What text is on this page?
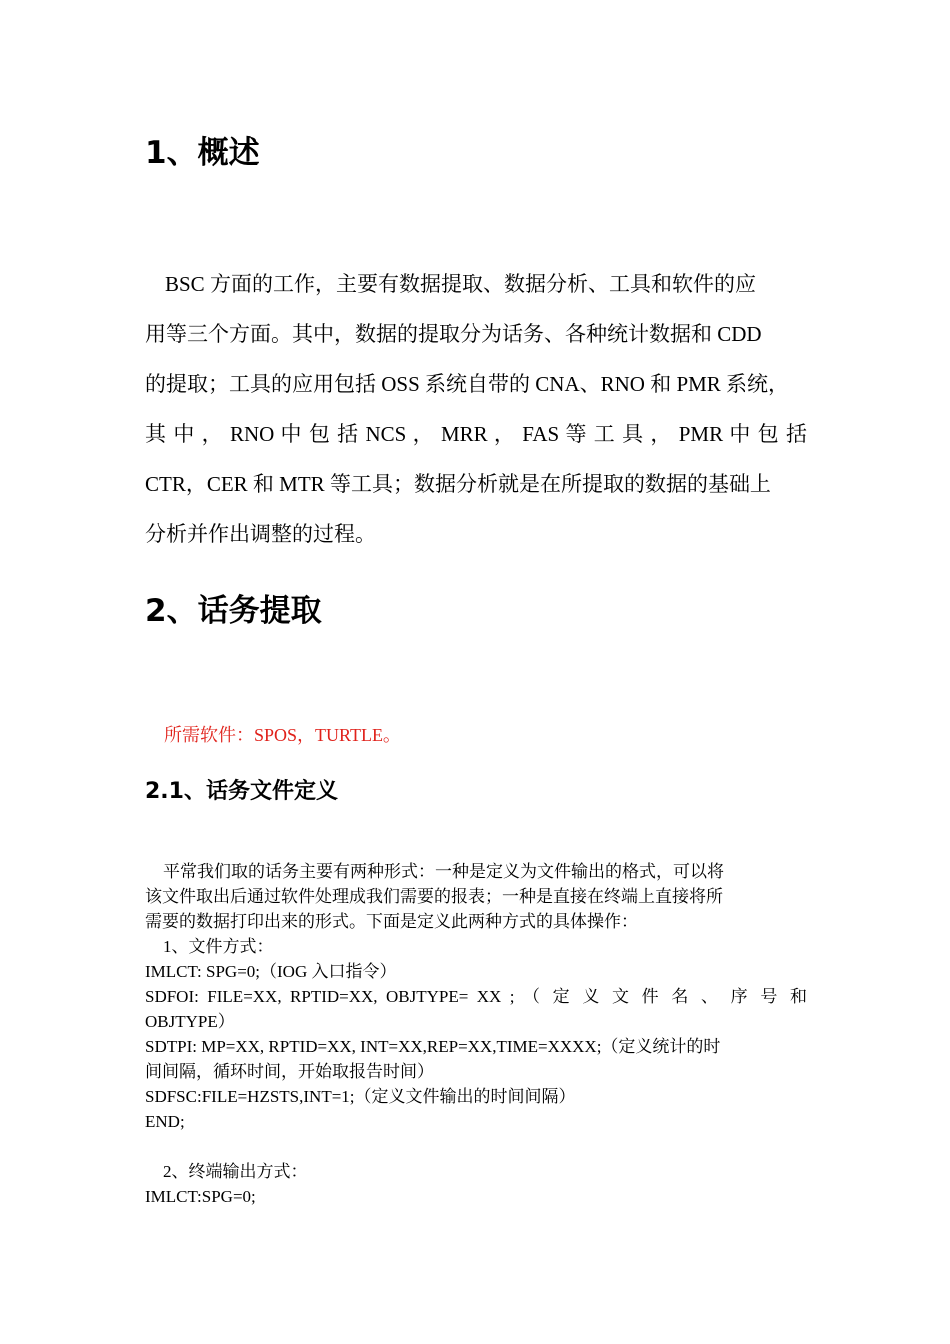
1、概述
BSC 方面的工作，主要有数据提取、数据分析、工具和软件的应
用等三个方面。其中，数据的提取分为话务、各种统计数据和 CDD
的提取；工具的应用包括 OSS 系统自带的 CNA、RNO 和 PMR 系统，
其 中 ， RNO 中 包 括 NCS ， MRR ， FAS 等 工 具 ， PMR 中 包 括
CTR，CER 和 MTR 等工具；数据分析就是在所提取的数据的基础上
分析并作出调整的过程。
2、话务提取
所需软件：SPOS，TURTLE。
2.1、话务文件定义
平常我们取的话务主要有两种形式：一种是定义为文件输出的格式，可以将
该文件取出后通过软件处理成我们需要的报表；一种是直接在终端上直接将所
需要的数据打印出来的形式。下面是定义此两种方式的具体操作：
1、文件方式：
IMLCT: SPG=0;（IOG 入口指令）
SDFOI: FILE=XX, RPTID=XX, OBJTYPE= XX ; （ 定 义 文 件 名 、 序 号 和
OBJTYPE）
SDTPI: MP=XX, RPTID=XX, INT=XX,REP=XX,TIME=XXXX;（定义统计的时
间间隔，循环时间，开始取报告时间）
SDFSC:FILE=HZSTS,INT=1;（定义文件输出的时间间隔）
END;
2、终端输出方式：
IMLCT:SPG=0;
